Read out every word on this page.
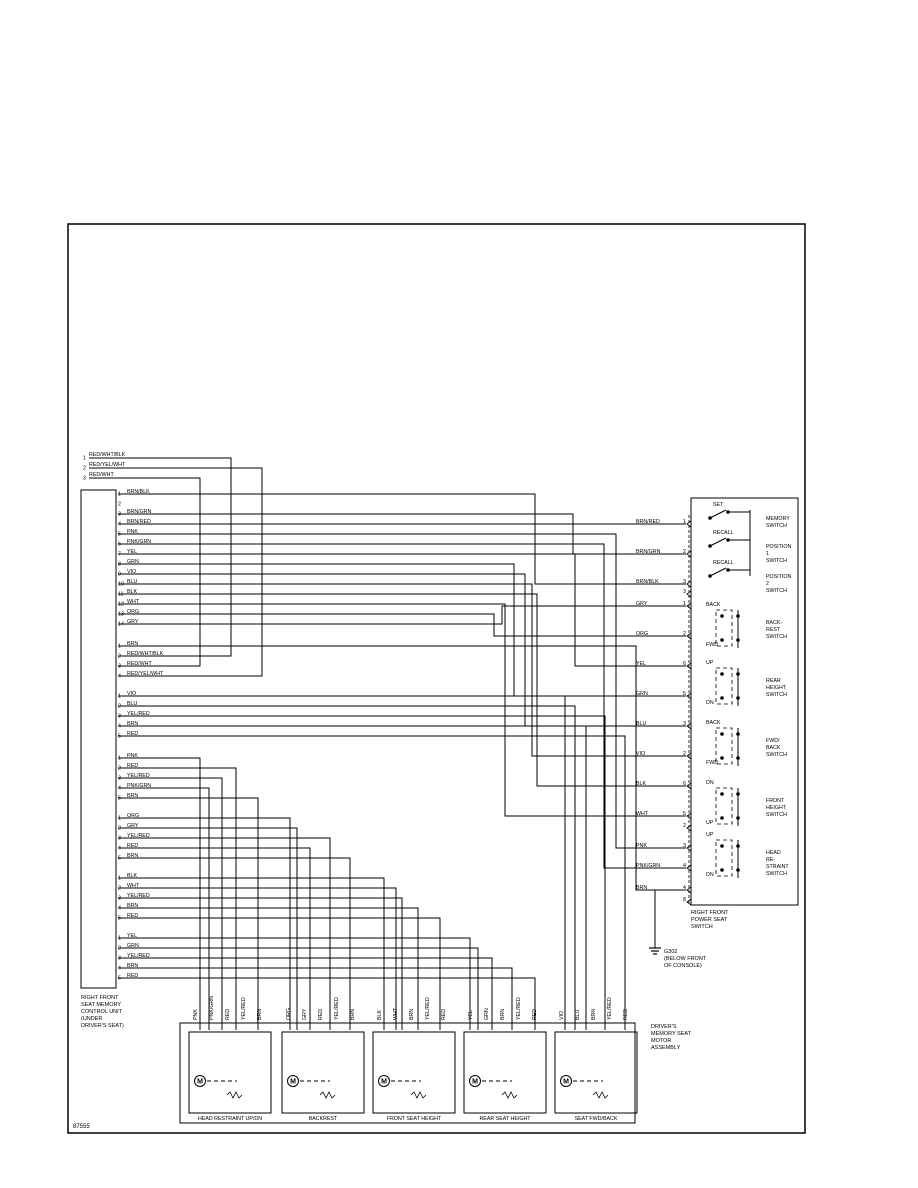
1
RED/WHT/BLK
2
RED/YEL/WHT
3
RED/WHT
1 BRN/BLK
2
3 BRN/GRN
4 BRN/RED
5 PNK
6 PNK/GRN
7 YEL
8 GRN
9 VIO
10 BLU
11 BLK
12 WHT
13 ORG
14 GRY
1 BRN
2 RED/WHT/BLK
3 RED/WHT
4 RED/YEL/WHT
1 VIO
2 BLU
3 YEL/RED
4 BRN
5 RED
1 PNK
2 RED
3 YEL/RED
4 PNK/GRN
5 BRN
1 ORG
2 GRY
3 YEL/RED
4 RED
5 BRN
1 BLK
2 WHT
3 YEL/RED
4 BRN
5 RED
1 YEL
2 GRN
3 YEL/RED
4 BRN
5 RED
RIGHT FRONT SEAT MEMORY CONTROL UNIT (UNDER DRIVER'S SEAT)
1
BRN/RED
2
BRN/GRN
3
BRN/BLK
3
1
GRY
2
ORG
6
YEL
5
GRN
3
BLU
2
VIO
6
BLK
5
WHT
2
3
PNK
4
PNK/GRN
4
BRN
8
MEMORY
SWITCH
SET
POSITION
1
SWITCH
RECALL
POSITION
2
SWITCH
RECALL
BACK-
REST
SWITCH
BACK
FWD
REAR
HEIGHT
SWITCH
UP
DN
FWD/
BACK
SWITCH
BACK
FWD
FRONT
HEIGHT
SWITCH
DN
UP
HEAD
RE-
STRAINT
SWITCH
UP
DN
RIGHT FRONT POWER SEAT SWITCH
G302 (BELOW FRONT OF CONSOLE)
DRIVER'S MEMORY SEAT MOTOR ASSEMBLY
HEAD RESTRAINT UP/DN
PNK PNK/GRN RED YEL/RED BRN
M
BACKREST
ORG GRY RED YEL/RED BRN
M
FRONT SEAT HEIGHT
BLK WHT BRN YEL/RED RED
M
REAR SEAT HEIGHT
YEL GRN BRN YEL/RED RED
M
SEAT FWD/BACK
VIO BLU BRN YEL/RED RED
M
87555
